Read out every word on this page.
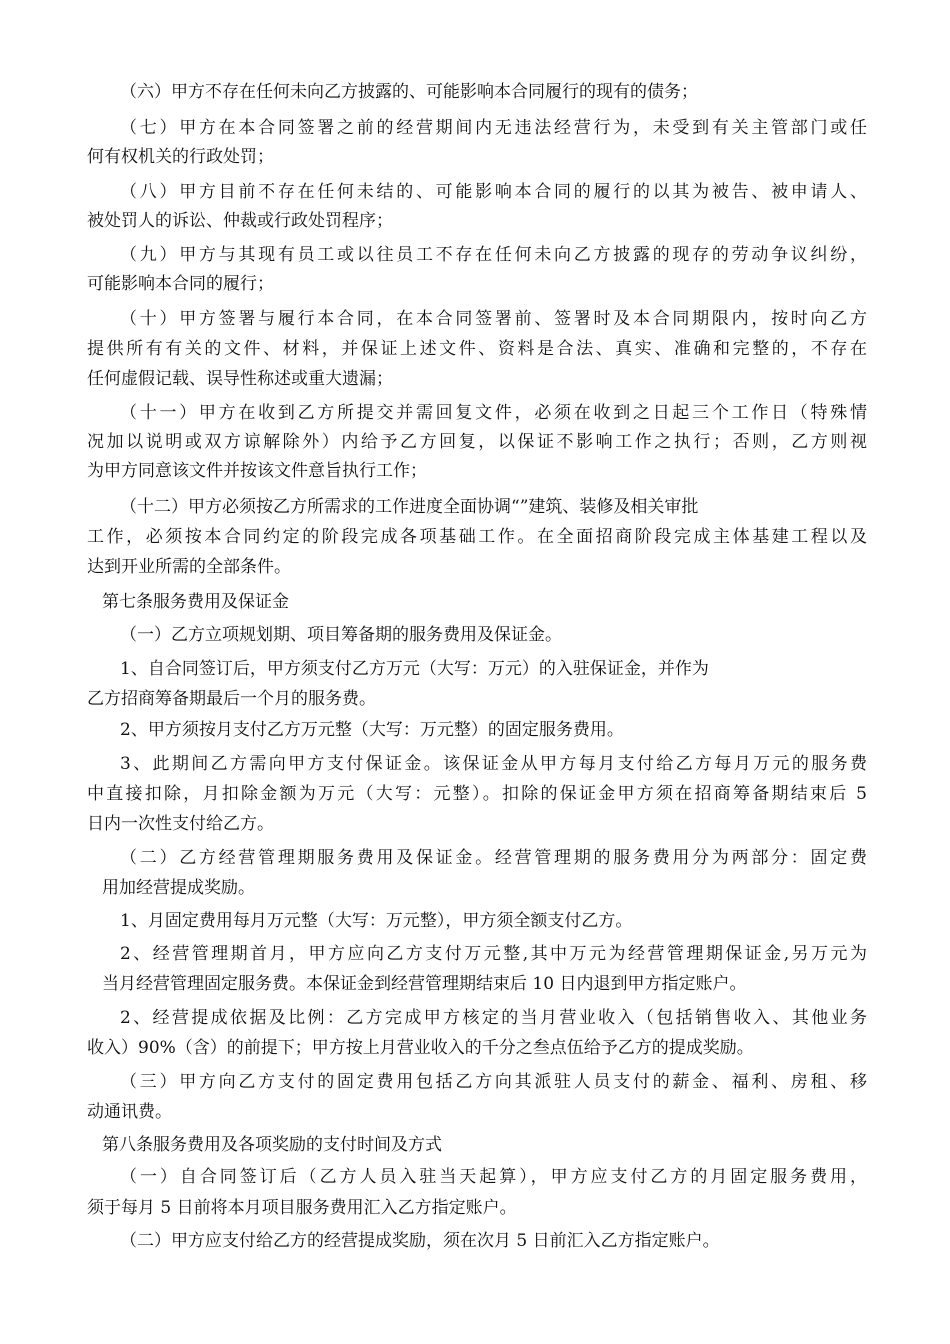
（六）甲方不存在任何未向乙方披露的、可能影响本合同履行的现有的债务；
（七）甲方在本合同签署之前的经营期间内无违法经营行为，未受到有关主管部门或任
何有权机关的行政处罚；
（八）甲方目前不存在任何未结的、可能影响本合同的履行的以其为被告、被申请人、
被处罚人的诉讼、仲裁或行政处罚程序；
（九）甲方与其现有员工或以往员工不存在任何未向乙方披露的现存的劳动争议纠纷，
可能影响本合同的履行；
（十）甲方签署与履行本合同，在本合同签署前、签署时及本合同期限内，按时向乙方
提供所有有关的文件、材料，并保证上述文件、资料是合法、真实、准确和完整的，不存在
任何虚假记载、误导性称述或重大遗漏；
（十一）甲方在收到乙方所提交并需回复文件，必须在收到之日起三个工作日（特殊情
况加以说明或双方谅解除外）内给予乙方回复，以保证不影响工作之执行；否则，乙方则视
为甲方同意该文件并按该文件意旨执行工作；
（十二）甲方必须按乙方所需求的工作进度全面协调“”建筑、装修及相关审批
工作，必须按本合同约定的阶段完成各项基础工作。在全面招商阶段完成主体基建工程以及
达到开业所需的全部条件。
第七条服务费用及保证金
（一）乙方立项规划期、项目筹备期的服务费用及保证金。
1、自合同签订后，甲方须支付乙方万元（大写：万元）的入驻保证金，并作为
乙方招商筹备期最后一个月的服务费。
2、甲方须按月支付乙方万元整（大写：万元整）的固定服务费用。
3、此期间乙方需向甲方支付保证金。该保证金从甲方每月支付给乙方每月万元的服务费
中直接扣除，月扣除金额为万元（大写：元整）。扣除的保证金甲方须在招商筹备期结束后 5
日内一次性支付给乙方。
（二）乙方经营管理期服务费用及保证金。经营管理期的服务费用分为两部分：固定费
用加经营提成奖励。
1、月固定费用每月万元整（大写：万元整），甲方须全额支付乙方。
2、经营管理期首月，甲方应向乙方支付万元整,其中万元为经营管理期保证金,另万元为
当月经营管理固定服务费。本保证金到经营管理期结束后 10 日内退到甲方指定账户。
2、经营提成依据及比例：乙方完成甲方核定的当月营业收入（包括销售收入、其他业务
收入）90%（含）的前提下；甲方按上月营业收入的千分之叁点伍给予乙方的提成奖励。
（三）甲方向乙方支付的固定费用包括乙方向其派驻人员支付的薪金、福利、房租、移
动通讯费。
第八条服务费用及各项奖励的支付时间及方式
（一）自合同签订后（乙方人员入驻当天起算），甲方应支付乙方的月固定服务费用，
须于每月 5 日前将本月项目服务费用汇入乙方指定账户。
（二）甲方应支付给乙方的经营提成奖励，须在次月 5 日前汇入乙方指定账户。
